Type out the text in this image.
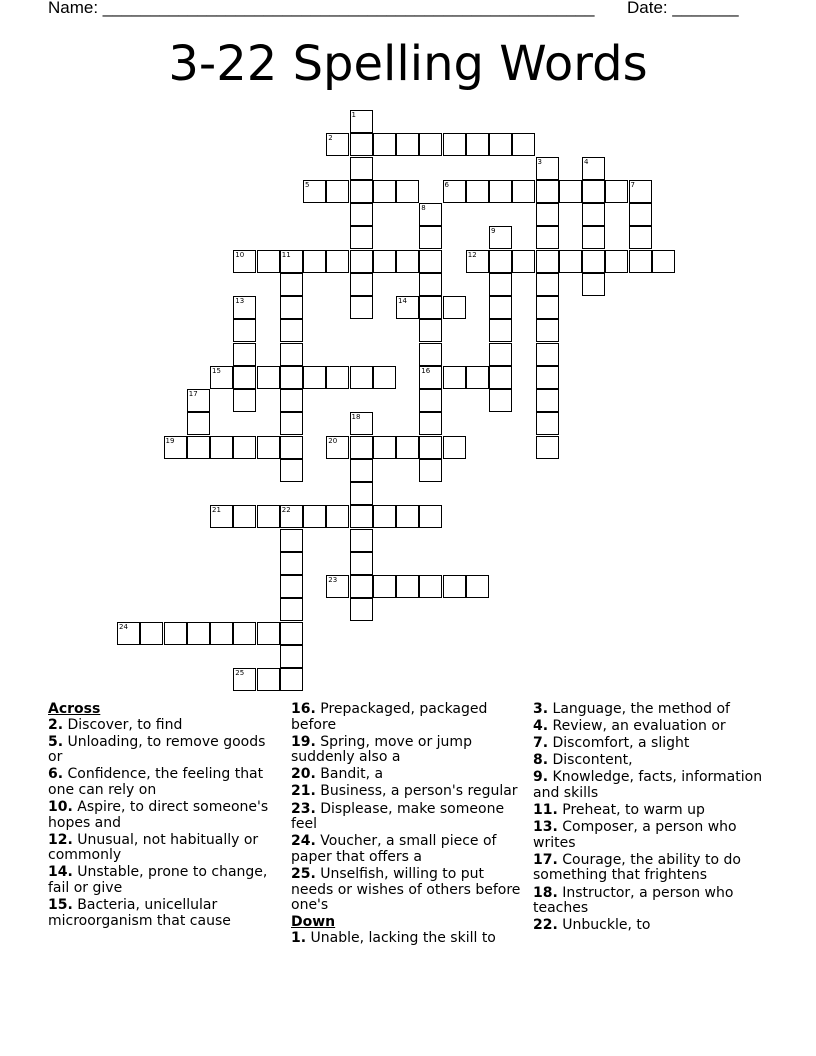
Name: ____________________________________________________ Date: _______
3-22 Spelling Words
1
2
3	4
5	6	7
8
16
9
10	11	12
13	14
15
17
18
19	20
21	22
23
24
25

Across

2. Discover, to find

5. Unloading, to remove goods or

6. Confidence, the feeling that one can rely on

10. Aspire, to direct someone's hopes and

12. Unusual, not habitually or commonly

14. Unstable, prone to change, fail or give

15. Bacteria, unicellular microorganism that cause

16. Prepackaged, packaged before

19. Spring, move or jump suddenly also a

20. Bandit, a

21. Business, a person's regular

23. Displease, make someone feel

24. Voucher, a small piece of paper that offers a

25. Unselfish, willing to put needs or wishes of others before one's

Down

1. Unable, lacking the skill to

3. Language, the method of

4. Review, an evaluation or

7. Discomfort, a slight

8. Discontent,

9. Knowledge, facts, information and skills

11. Preheat, to warm up

13. Composer, a person who writes

17. Courage, the ability to do something that frightens

18. Instructor, a person who teaches

22. Unbuckle, to
